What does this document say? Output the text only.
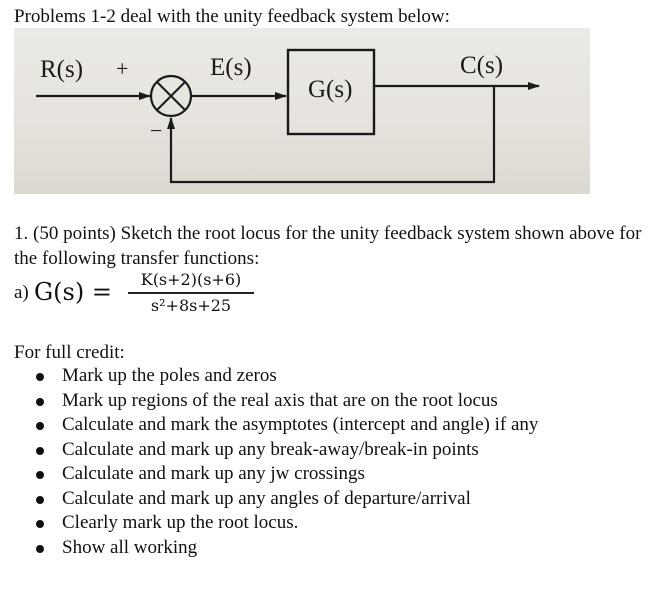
Problems 1-2 deal with the unity feedback system below:
R(s) +	E(s)
G(s)
C(s)
−
1. (50 points) Sketch the root locus for the unity feedback system shown above for the following transfer functions:
a) G(s) =	K(s+2)(s+6)
s²+8s+25
For full credit:
Mark up the poles and zeros
Mark up regions of the real axis that are on the root locus
Calculate and mark the asymptotes (intercept and angle) if any
Calculate and mark up any break-away/break-in points
Calculate and mark up any jw crossings
Calculate and mark up any angles of departure/arrival
Clearly mark up the root locus.
Show all working
